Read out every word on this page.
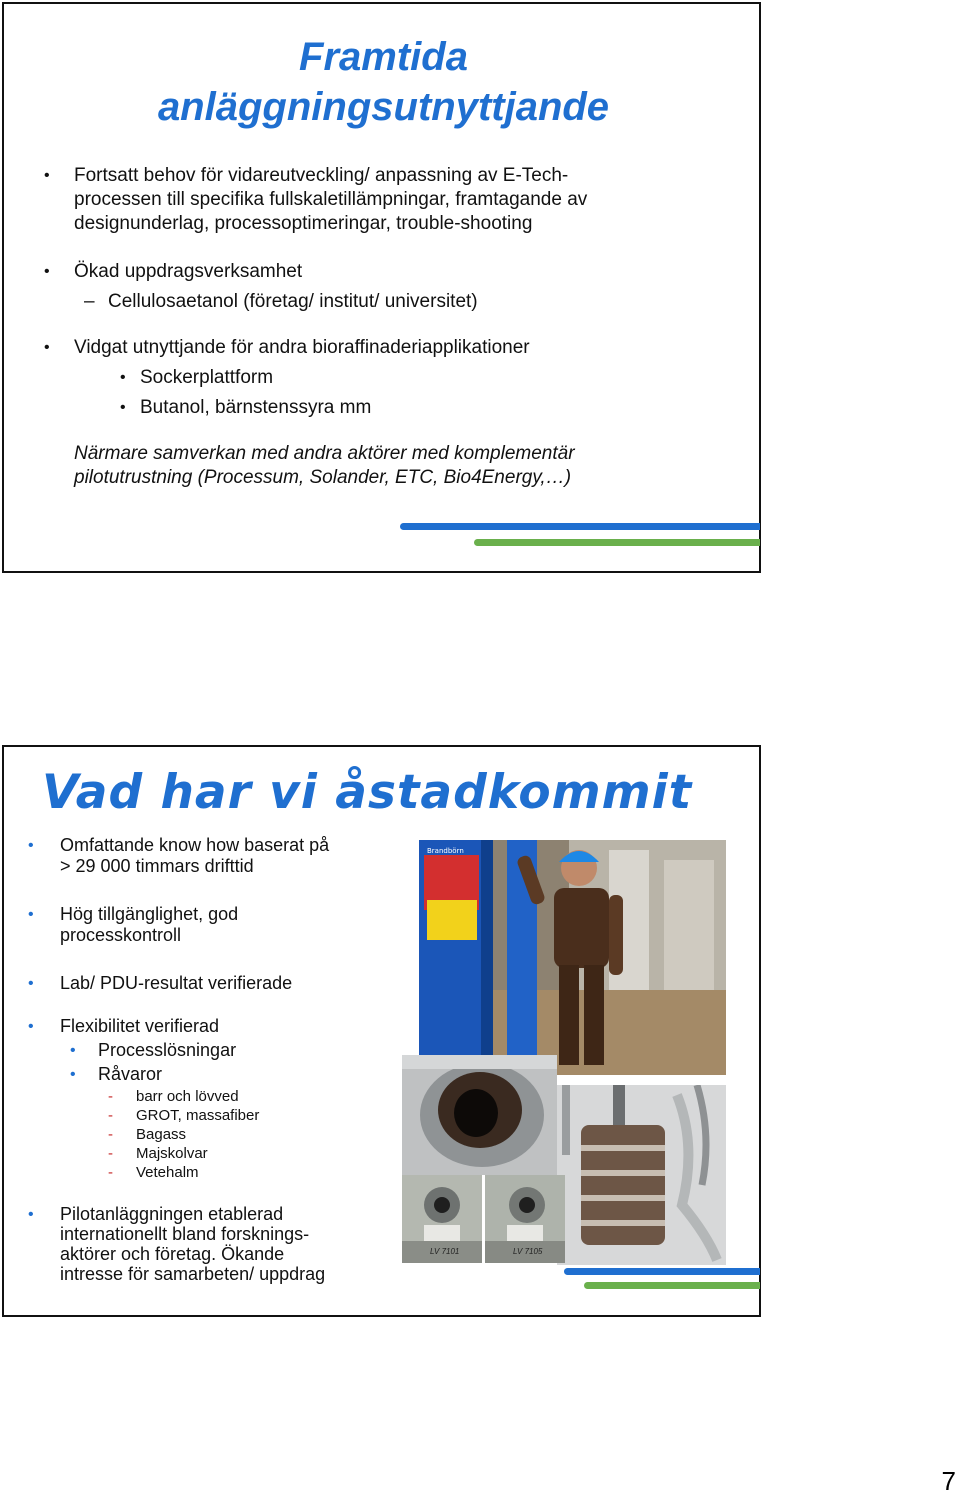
Framtida
anläggningsutnyttjande
• Fortsatt behov för vidareutveckling/ anpassning av E-Tech-

processen till specifika fullskaletillämpningar, framtagande av

designunderlag, processoptimeringar, trouble-shooting

• Ökad uppdragsverksamhet

– Cellulosaetanol (företag/ institut/ universitet)

• Vidgat utnyttjande för andra bioraffinaderiapplikationer

• Sockerplattform

• Butanol, bärnstenssyra mm

Närmare samverkan med andra aktörer med komplementär

pilotutrustning (Processum, Solander, ETC, Bio4Energy,…)

Vad har vi åstadkommit
• Omfattande know how baserat på

> 29 000 timmars drifttid

• Hög tillgänglighet, god

processkontroll

• Lab/ PDU-resultat verifierade

• Flexibilitet verifierad

• Processlösningar

• Råvaror

- barr och lövved
- GROT, massafiber
- Bagass
- Majskolvar
- Vetehalm
• Pilotanläggningen etablerad

internationellt bland forsknings-

aktörer och företag. Ökande

intresse för samarbeten/ uppdrag

Brandbörn
LV 7101	LV 7105
7
